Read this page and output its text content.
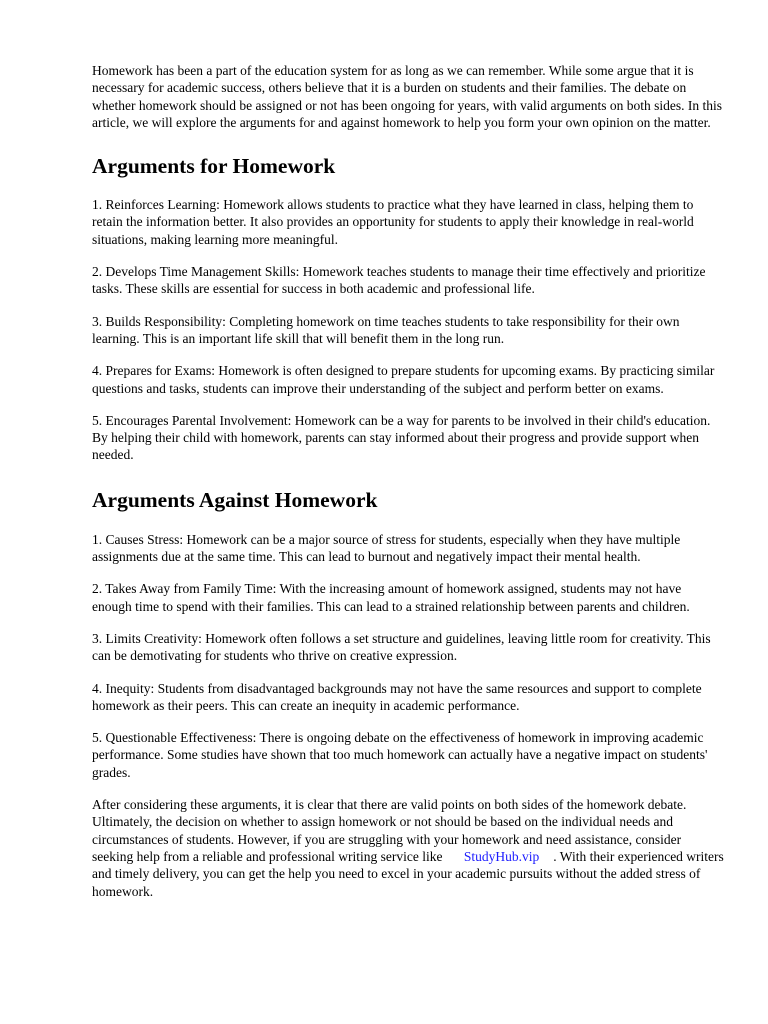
Homework has been a part of the education system for as long as we can remember. While some argue that it is necessary for academic success, others believe that it is a burden on students and their families. The debate on whether homework should be assigned or not has been ongoing for years, with valid arguments on both sides. In this article, we will explore the arguments for and against homework to help you form your own opinion on the matter.

Arguments for Homework

1. Reinforces Learning: Homework allows students to practice what they have learned in class, helping them to retain the information better. It also provides an opportunity for students to apply their knowledge in real-world situations, making learning more meaningful.

2. Develops Time Management Skills: Homework teaches students to manage their time effectively and prioritize tasks. These skills are essential for success in both academic and professional life.

3. Builds Responsibility: Completing homework on time teaches students to take responsibility for their own learning. This is an important life skill that will benefit them in the long run.

4. Prepares for Exams: Homework is often designed to prepare students for upcoming exams. By practicing similar questions and tasks, students can improve their understanding of the subject and perform better on exams.

5. Encourages Parental Involvement: Homework can be a way for parents to be involved in their child's education. By helping their child with homework, parents can stay informed about their progress and provide support when needed.

Arguments Against Homework

1. Causes Stress: Homework can be a major source of stress for students, especially when they have multiple assignments due at the same time. This can lead to burnout and negatively impact their mental health.

2. Takes Away from Family Time: With the increasing amount of homework assigned, students may not have enough time to spend with their families. This can lead to a strained relationship between parents and children.

3. Limits Creativity: Homework often follows a set structure and guidelines, leaving little room for creativity. This can be demotivating for students who thrive on creative expression.

4. Inequity: Students from disadvantaged backgrounds may not have the same resources and support to complete homework as their peers. This can create an inequity in academic performance.

5. Questionable Effectiveness: There is ongoing debate on the effectiveness of homework in improving academic performance. Some studies have shown that too much homework can actually have a negative impact on students' grades.

After considering these arguments, it is clear that there are valid points on both sides of the homework debate. Ultimately, the decision on whether to assign homework or not should be based on the individual needs and circumstances of students. However, if you are struggling with your homework and need assistance, consider seeking help from a reliable and professional writing service like StudyHub.vip . With their experienced writers and timely delivery, you can get the help you need to excel in your academic pursuits without the added stress of homework.
